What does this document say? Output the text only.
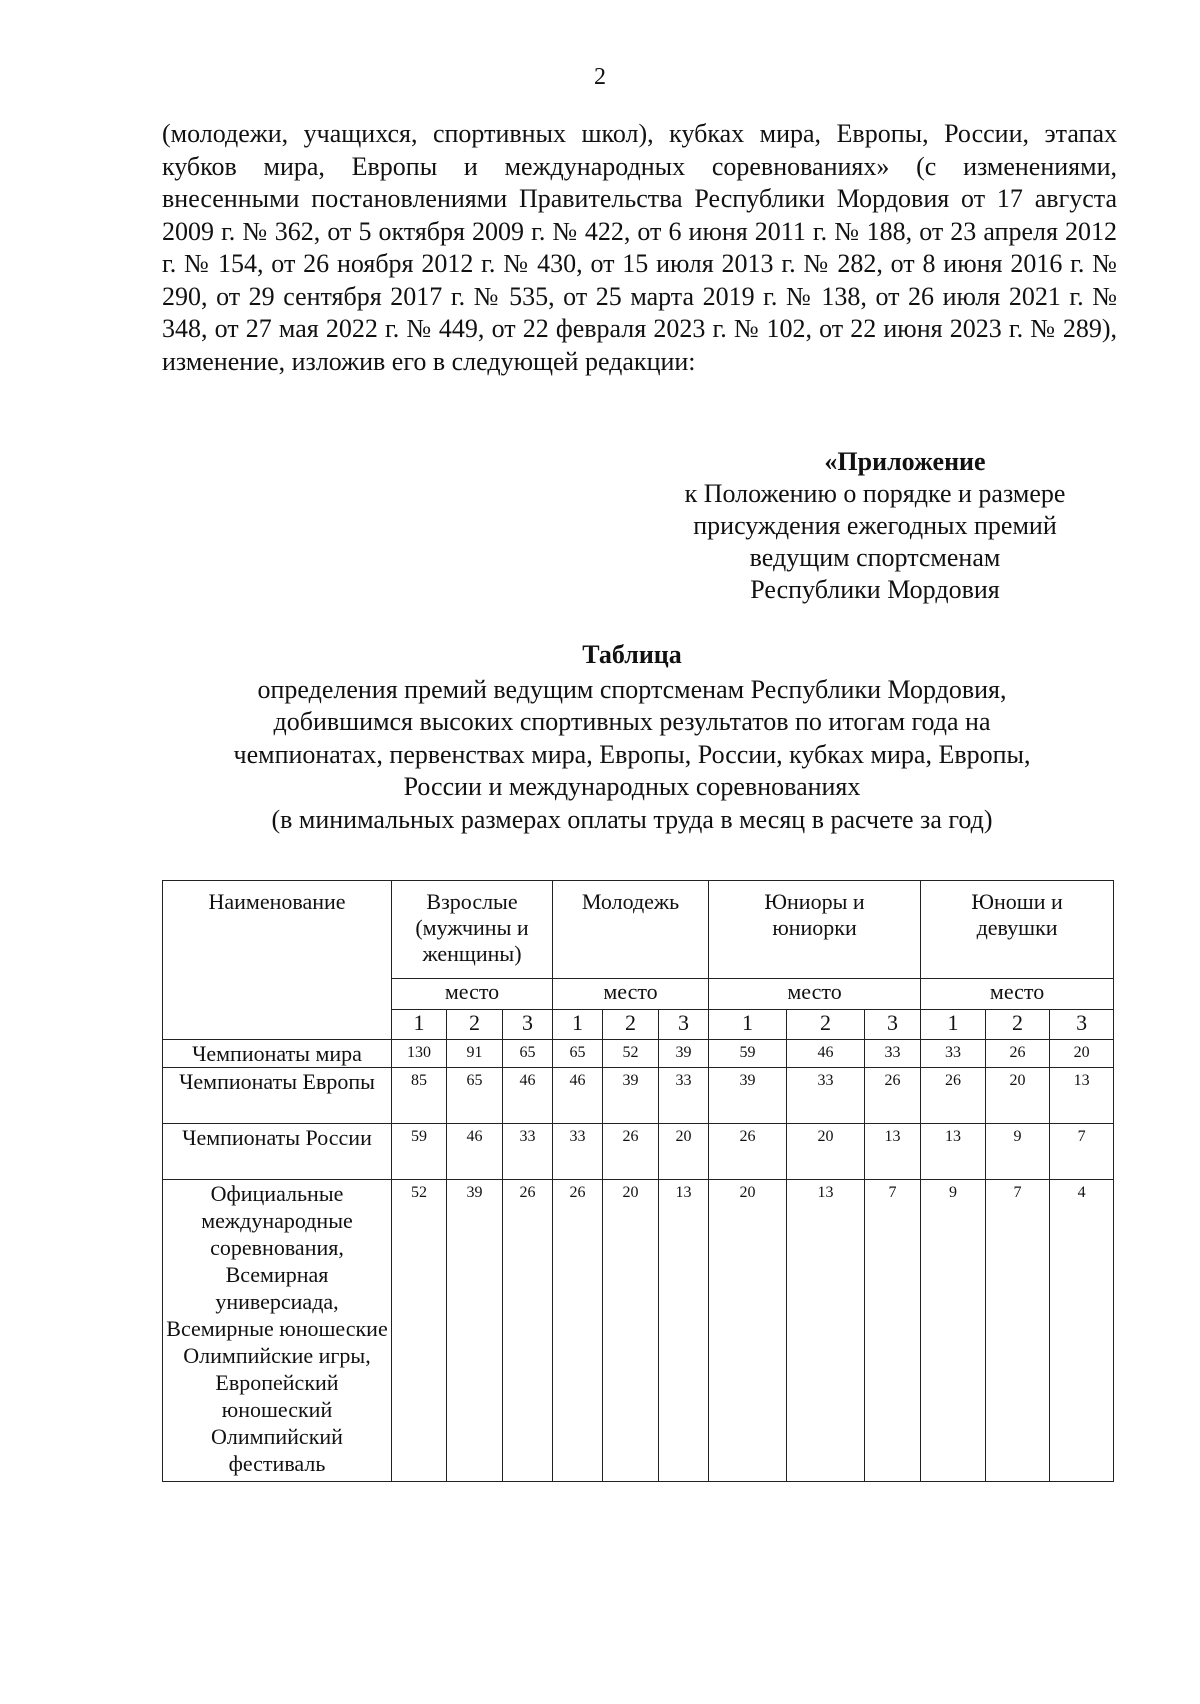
2

(молодежи, учащихся, спортивных школ), кубках мира, Европы, России, этапах кубков мира, Европы и международных соревнованиях» (с изменениями, внесенными постановлениями Правительства Республики Мордовия от 17 августа 2009 г. № 362, от 5 октября 2009 г. № 422, от 6 июня 2011 г. № 188, от 23 апреля 2012 г. № 154, от 26 ноября 2012 г. № 430, от 15 июля 2013 г. № 282, от 8 июня 2016 г. № 290, от 29 сентября 2017 г. № 535, от 25 марта 2019 г. № 138, от 26 июля 2021 г. № 348, от 27 мая 2022 г. № 449, от 22 февраля 2023 г. № 102, от 22 июня 2023 г. № 289), изменение, изложив его в следующей редакции:

«Приложение
к Положению о порядке и размере
присуждения ежегодных премий
ведущим спортсменам
Республики Мордовия
Таблица
определения премий ведущим спортсменам Республики Мордовия,
добившимся высоких спортивных результатов по итогам года на
чемпионатах, первенствах мира, Европы, России, кубках мира, Европы,
России и международных соревнованиях
(в минимальных размерах оплаты труда в месяц в расчете за год)
Наименование	Взрослые (мужчины и женщины)			Молодежь			Юниоры и юниорки			Юноши и девушки		
	место			место			место			место		
	1	2	3	1	2	3	1	2	3	1	2	3
Чемпионаты мира	130	91	65	65	52	39	59	46	33	33	26	20
Чемпионаты Европы	85	65	46	46	39	33	39	33	26	26	20	13
Чемпионаты России	59	46	33	33	26	20	26	20	13	13	9	7
Официальные международные соревнования, Всемирная универсиада, Всемирные юношеские Олимпийские игры, Европейский юношеский Олимпийский фестиваль	52	39	26	26	20	13	20	13	7	9	7	4
